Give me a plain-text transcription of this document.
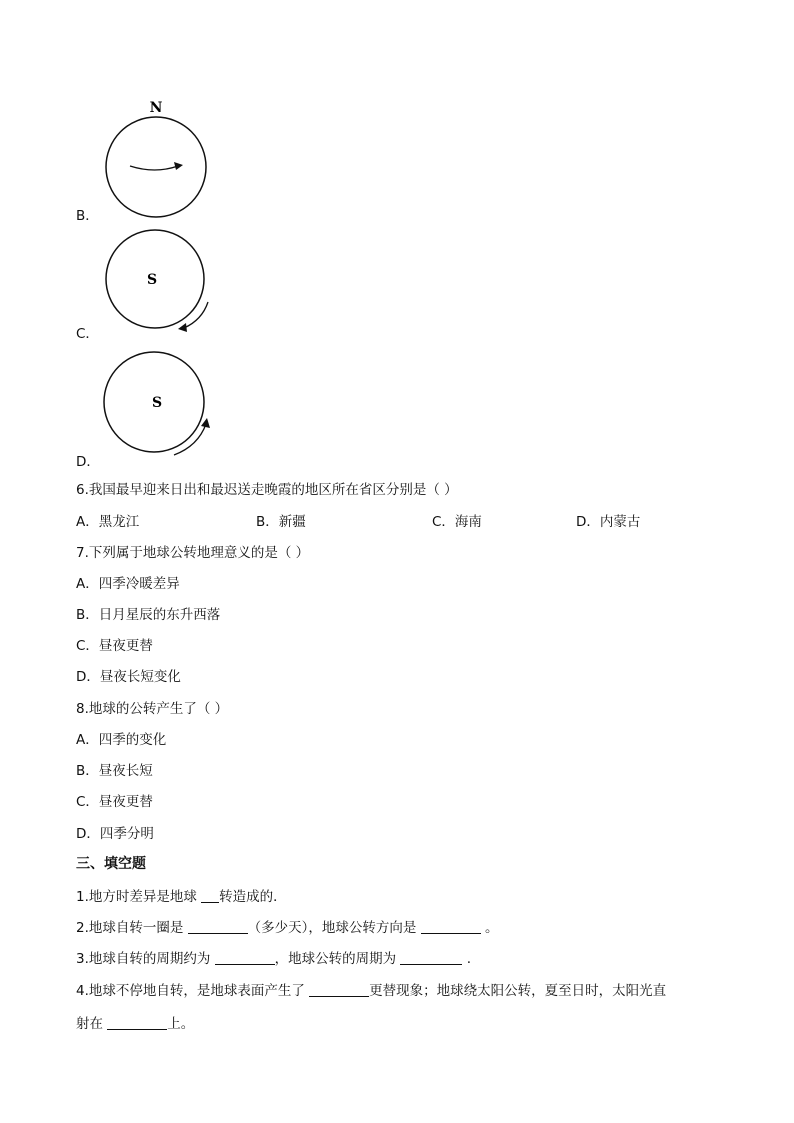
N
B．
S
C．
S
D．
6.我国最早迎来日出和最迟送走晚霞的地区所在省区分别是（ ）
A．黑龙江	B．新疆	C．海南	D．内蒙古
7.下列属于地球公转地理意义的是（ ）
A．四季冷暖差异
B．日月星辰的东升西落
C．昼夜更替
D．昼夜长短变化
8.地球的公转产生了（ ）
A．四季的变化
B．昼夜长短
C．昼夜更替
D．四季分明
三、填空题
1.地方时差异是地球 转造成的．
2.地球自转一圈是	（多少天），地球公转方向是	。
3.地球自转的周期约为	，地球公转的周期为	.
4.地球不停地自转，是地球表面产生了	更替现象；地球绕太阳公转，夏至日时，太阳光直
射在	上。
